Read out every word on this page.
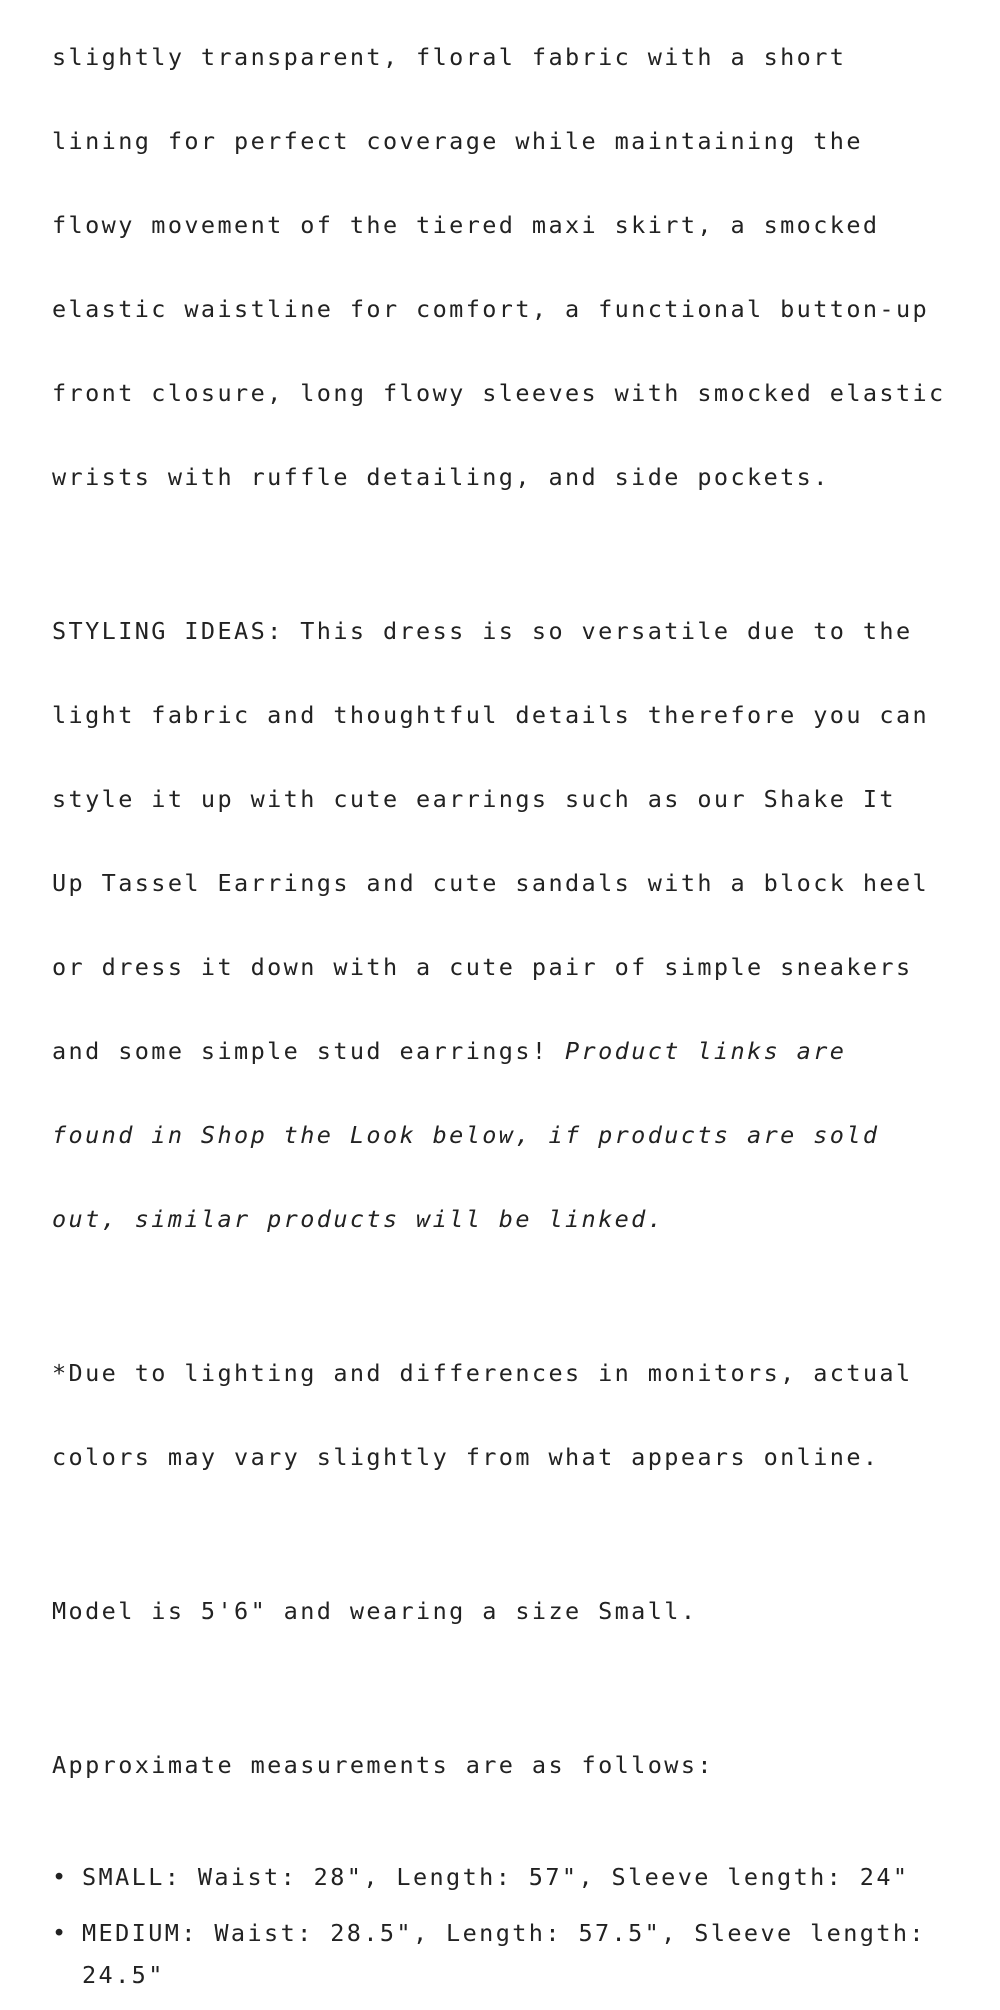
slightly transparent, floral fabric with a short

lining for perfect coverage while maintaining the

flowy movement of the tiered maxi skirt, a smocked

elastic waistline for comfort, a functional button-up

front closure, long flowy sleeves with smocked elastic

wrists with ruffle detailing, and side pockets.

STYLING IDEAS: This dress is so versatile due to the

light fabric and thoughtful details therefore you can

style it up with cute earrings such as our Shake It

Up Tassel Earrings and cute sandals with a block heel

or dress it down with a cute pair of simple sneakers

and some simple stud earrings! Product links are

found in Shop the Look below, if products are sold

out, similar products will be linked.

*Due to lighting and differences in monitors, actual

colors may vary slightly from what appears online.

Model is 5'6" and wearing a size Small.

Approximate measurements are as follows:

• SMALL: Waist: 28", Length: 57", Sleeve length: 24"
• MEDIUM: Waist: 28.5", Length: 57.5", Sleeve length:
24.5"
